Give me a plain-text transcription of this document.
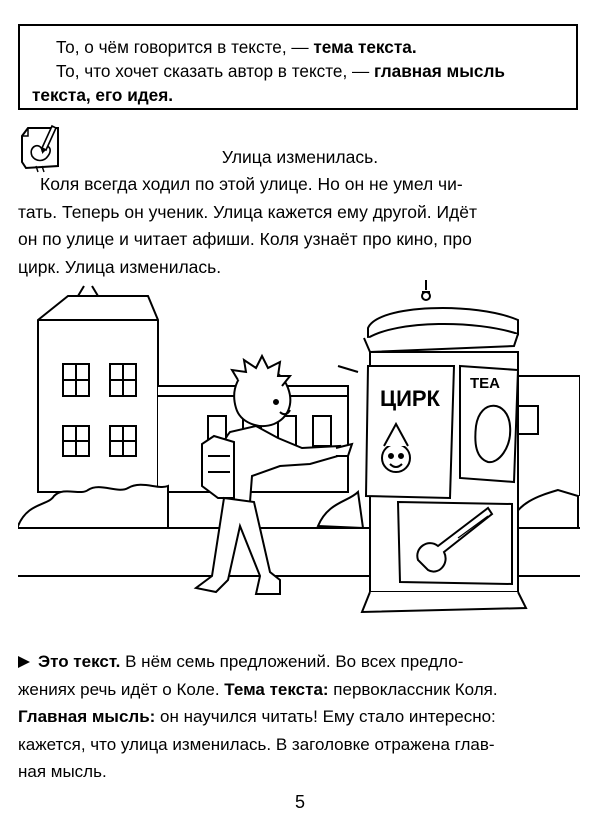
То, о чём говорится в тексте, — тема текста.

То, что хочет сказать автор в тексте, — главная мысль

текста, его идея.

Улица изменилась.
Коля всегда ходил по этой улице. Но он не умел чи-
тать. Теперь он ученик. Улица кажется ему другой. Идёт
он по улице и читает афиши. Коля узнаёт про кино, про
цирк. Улица изменилась.
ЦИРК
ТЕА
Это текст. В нём семь предложений. Во всех предло-
жениях речь идёт о Коле. Тема текста: первоклассник Коля.
Главная мысль: он научился читать! Ему стало интересно:
кажется, что улица изменилась. В заголовке отражена глав-
ная мысль.
5
